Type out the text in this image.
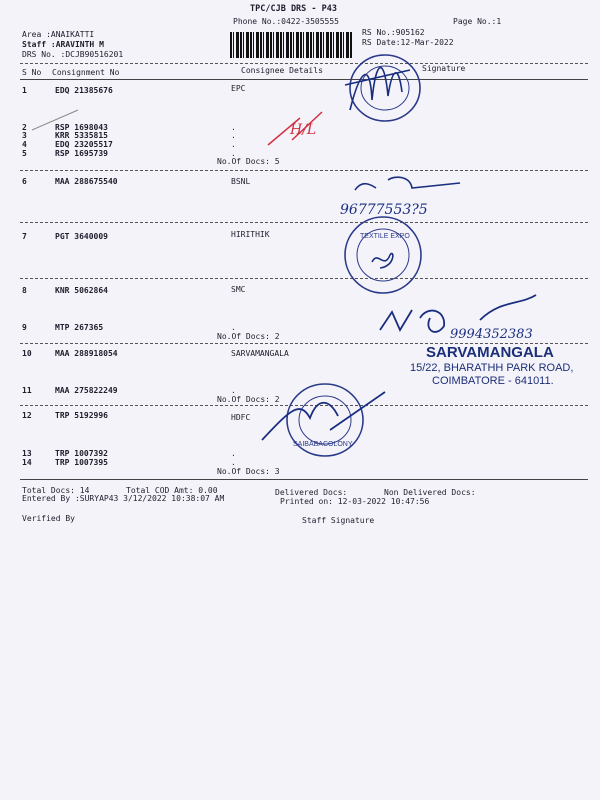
TPC/CJB DRS - P43
Phone No.:0422-3505555	Page No.:1
Area :ANAIKATTI
Staff :ARAVINTH M
DRS No. :DCJB90516201
RS No.:905162
RS Date:12-Mar-2022
S No Consignment No	Consignee Details	Signature
1	EDQ 21385676	EPC
2	RSP 1698043	.
3	KRR 5335815	.
4	EDQ 23205517	.
5	RSP 1695739	.
No.Of Docs: 5
6	MAA 288675540	BSNL
7	PGT 3640009	HIRITHIK
8	KNR 5062864	SMC
9	MTP 267365	.
No.Of Docs: 2
10	MAA 288918054	SARVAMANGALA
11	MAA 275822249	.
No.Of Docs: 2
12	TRP 5192996	HDFC
13	TRP 1007392	.
14	TRP 1007395	.
No.Of Docs: 3
Total Docs: 14	Total COD Amt: 0.00	Delivered Docs:	Non Delivered Docs:
Entered By :SURYAP43 3/12/2022 10:38:07 AM	Printed on: 12-03-2022 10:47:56
Verified By	Staff Signature
H/L
96777553?5
TEXTILE EXPO
9994352383
SAIBABACOLONY
SARVAMANGALA
15/22, BHARATHH PARK ROAD,
COIMBATORE - 641011.
